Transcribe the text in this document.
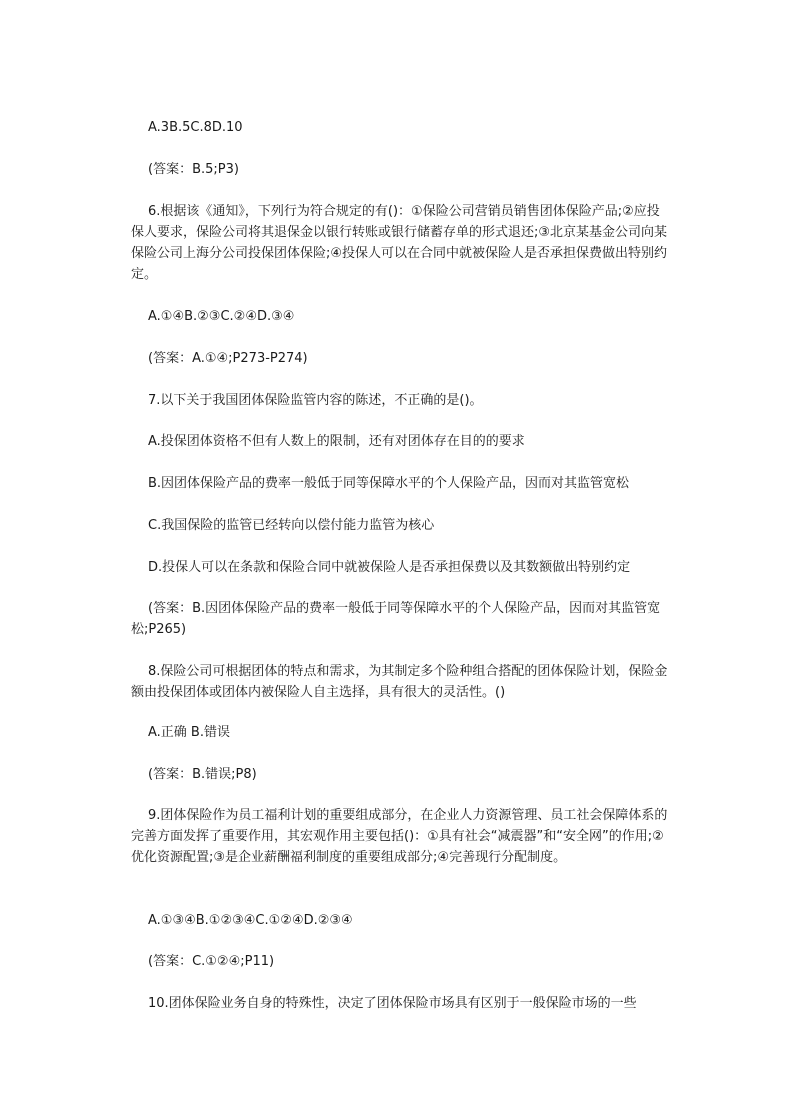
A.3B.5C.8D.10
(答案：B.5;P3)
6.根据该《通知》，下列行为符合规定的有()：①保险公司营销员销售团体保险产品;②应投保人要求，保险公司将其退保金以银行转账或银行储蓄存单的形式退还;③北京某基金公司向某保险公司上海分公司投保团体保险;④投保人可以在合同中就被保险人是否承担保费做出特别约定。
A.①④B.②③C.②④D.③④
(答案：A.①④;P273-P274)
7.以下关于我国团体保险监管内容的陈述，不正确的是()。
A.投保团体资格不但有人数上的限制，还有对团体存在目的的要求
B.因团体保险产品的费率一般低于同等保障水平的个人保险产品，因而对其监管宽松
C.我国保险的监管已经转向以偿付能力监管为核心
D.投保人可以在条款和保险合同中就被保险人是否承担保费以及其数额做出特别约定
(答案：B.因团体保险产品的费率一般低于同等保障水平的个人保险产品，因而对其监管宽松;P265)
8.保险公司可根据团体的特点和需求，为其制定多个险种组合搭配的团体保险计划，保险金额由投保团体或团体内被保险人自主选择，具有很大的灵活性。()
A.正确 B.错误
(答案：B.错误;P8)
9.团体保险作为员工福利计划的重要组成部分，在企业人力资源管理、员工社会保障体系的完善方面发挥了重要作用，其宏观作用主要包括()：①具有社会“减震器”和“安全网”的作用;②优化资源配置;③是企业薪酬福利制度的重要组成部分;④完善现行分配制度。
A.①③④B.①②③④C.①②④D.②③④
(答案：C.①②④;P11)
10.团体保险业务自身的特殊性，决定了团体保险市场具有区别于一般保险市场的一些
